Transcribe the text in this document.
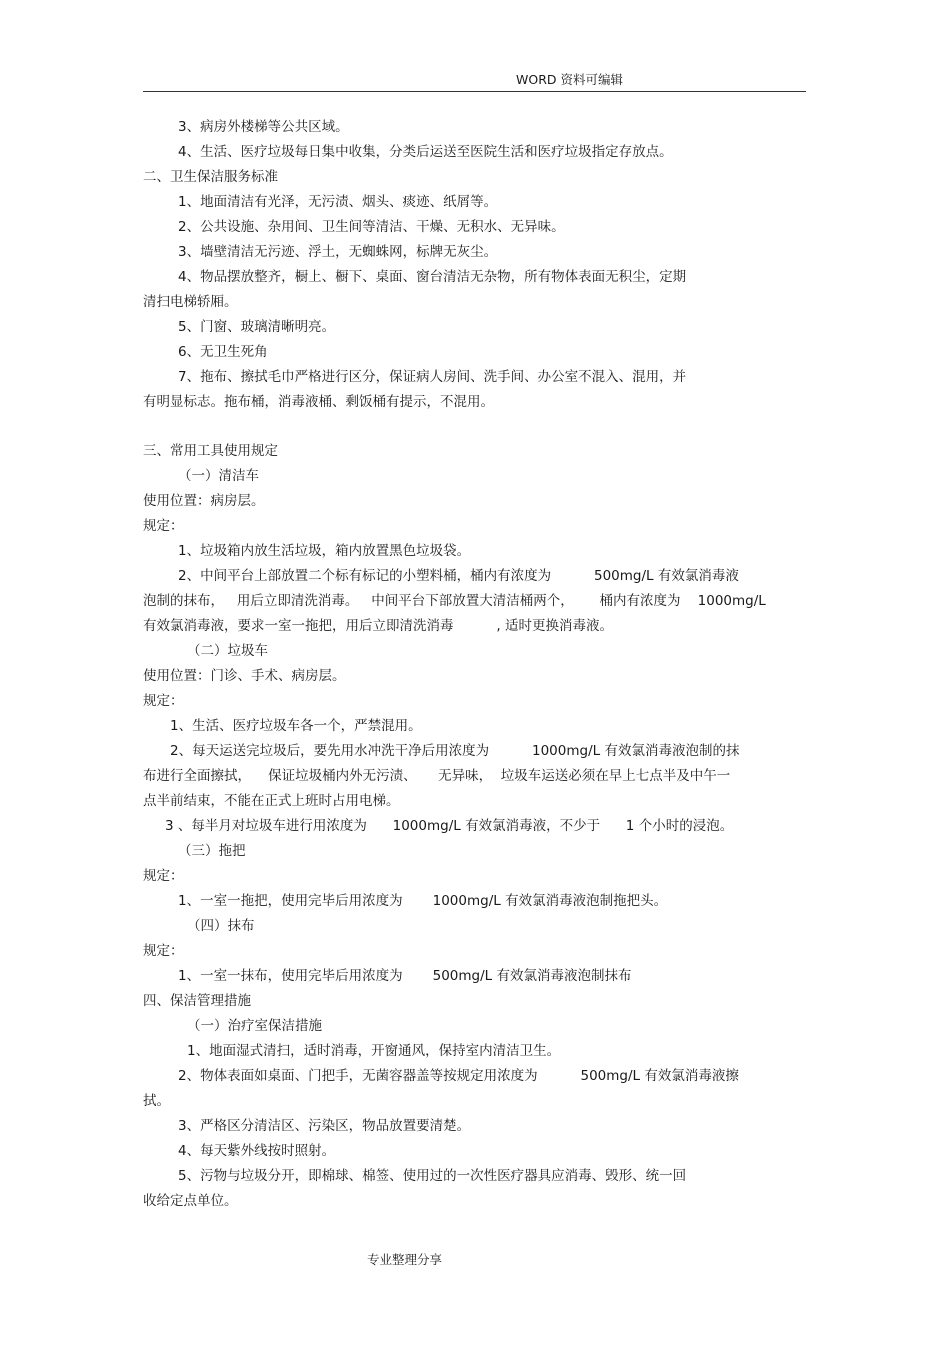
WORD 资料可编辑
3、病房外楼梯等公共区域。
4、生活、医疗垃圾每日集中收集，分类后运送至医院生活和医疗垃圾指定存放点。
二、卫生保洁服务标准
1、地面清洁有光泽，无污渍、烟头、痰迹、纸屑等。
2、公共设施、杂用间、卫生间等清洁、干燥、无积水、无异味。
3、墙壁清洁无污迹、浮土，无蜘蛛网，标牌无灰尘。
4、物品摆放整齐，橱上、橱下、桌面、窗台清洁无杂物，所有物体表面无积尘，定期
清扫电梯轿厢。
5、门窗、玻璃清晰明亮。
6、无卫生死角
7、拖布、擦拭毛巾严格进行区分，保证病人房间、洗手间、办公室不混入、混用，并
有明显标志。拖布桶，消毒液桶、剩饭桶有提示，不混用。
三、常用工具使用规定
（一）清洁车
使用位置：病房层。
规定：
1、垃圾箱内放生活垃圾，箱内放置黑色垃圾袋。
2、中间平台上部放置二个标有标记的小塑料桶，桶内有浓度为          500mg/L 有效氯消毒液
泡制的抹布，   用后立即清洗消毒。   中间平台下部放置大清洁桶两个，      桶内有浓度为    1000mg/L
有效氯消毒液，要求一室一拖把，用后立即清洗消毒          , 适时更换消毒液。
（二）垃圾车
使用位置：门诊、手术、病房层。
规定：
1、生活、医疗垃圾车各一个，严禁混用。
2、每天运送完垃圾后，要先用水冲洗干净后用浓度为          1000mg/L 有效氯消毒液泡制的抹
布进行全面擦拭，    保证垃圾桶内外无污渍、     无异味，  垃圾车运送必须在早上七点半及中午一
点半前结束，不能在正式上班时占用电梯。
3 、每半月对垃圾车进行用浓度为      1000mg/L 有效氯消毒液，不少于      1 个小时的浸泡。
（三）拖把
规定：
1、一室一拖把，使用完毕后用浓度为       1000mg/L 有效氯消毒液泡制拖把头。
（四）抹布
规定：
1、一室一抹布，使用完毕后用浓度为       500mg/L 有效氯消毒液泡制抹布
四、保洁管理措施
（一）治疗室保洁措施
1、地面湿式清扫，适时消毒，开窗通风，保持室内清洁卫生。
2、物体表面如桌面、门把手，无菌容器盖等按规定用浓度为          500mg/L 有效氯消毒液擦
拭。
3、严格区分清洁区、污染区，物品放置要清楚。
4、每天紫外线按时照射。
5、污物与垃圾分开，即棉球、棉签、使用过的一次性医疗器具应消毒、毁形、统一回
收给定点单位。
专业整理分享
